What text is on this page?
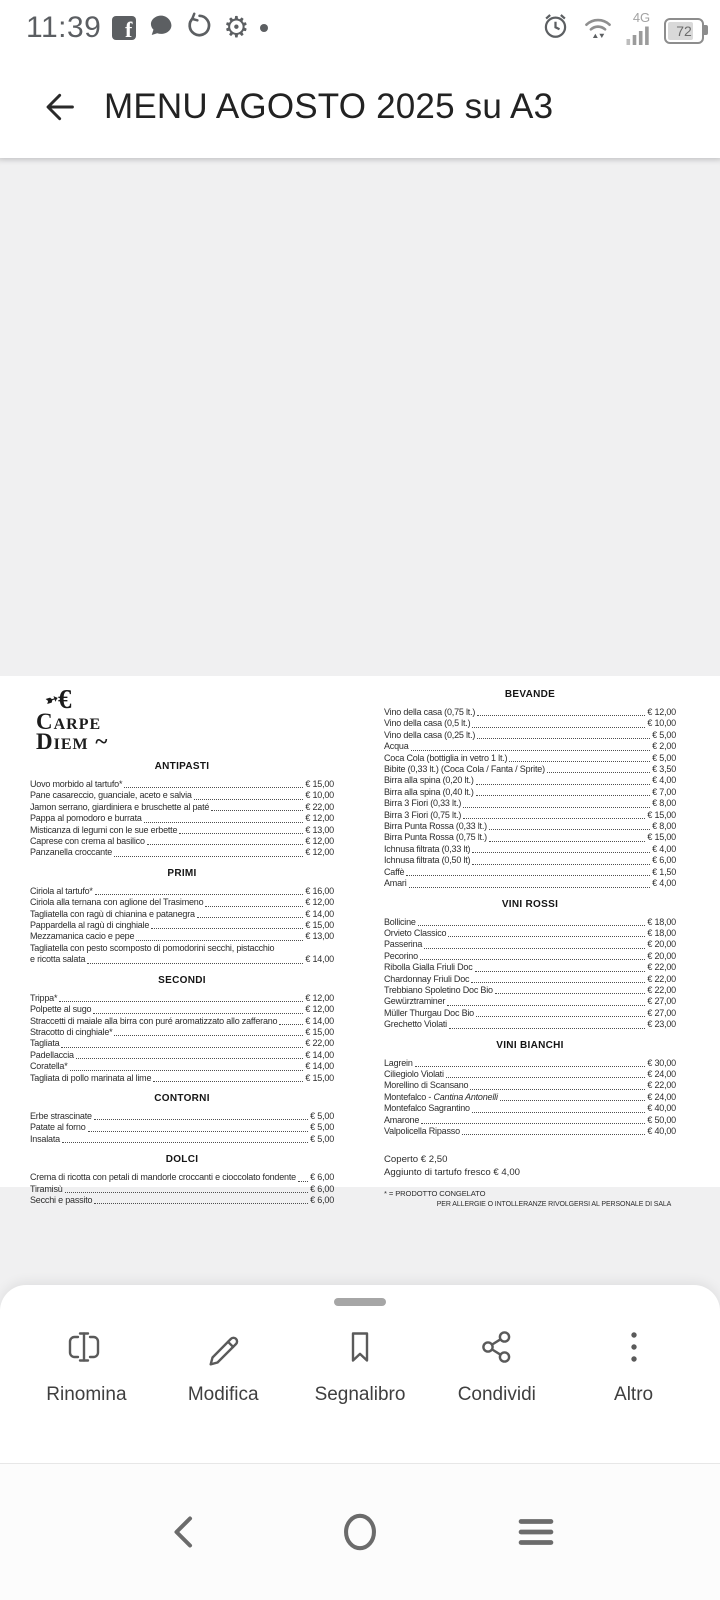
11:39 f	⚙	4G
72
MENU AGOSTO 2025 su A3
➳ €
Carpe
Diem ~
ANTIPASTI
Uovo morbido al tartufo*	€ 15,00
Pane casareccio, guanciale, aceto e salvia	€ 10,00
Jamon serrano, giardiniera e bruschette al paté	€ 22,00
Pappa al pomodoro e burrata	€ 12,00
Misticanza di legumi con le sue erbette	€ 13,00
Caprese con crema al basilico	€ 12,00
Panzanella croccante	€ 12,00
PRIMI
Ciriola al tartufo*	€ 16,00
Ciriola alla ternana con aglione del Trasimeno	€ 12,00
Tagliatella con ragù di chianina e patanegra	€ 14,00
Pappardella al ragù di cinghiale	€ 15,00
Mezzamanica cacio e pepe	€ 13,00
Tagliatella con pesto scomposto di pomodorini secchi, pistacchio
e ricotta salata	€ 14,00
SECONDI
Trippa*	€ 12,00
Polpette al sugo	€ 12,00
Straccetti di maiale alla birra con puré aromatizzato allo zafferano	€ 14,00
Stracotto di cinghiale*	€ 15,00
Tagliata	€ 22,00
Padellaccia	€ 14,00
Coratella*	€ 14,00
Tagliata di pollo marinata al lime	€ 15,00
CONTORNI
Erbe strascinate	€ 5,00
Patate al forno	€ 5,00
Insalata	€ 5,00
DOLCI
Crema di ricotta con petali di mandorle croccanti e cioccolato fondente € 6,00
Tiramisù	€ 6,00
Secchi e passito	€ 6,00
BEVANDE
Vino della casa (0,75 lt.)	€ 12,00
Vino della casa (0,5 lt.)	€ 10,00
Vino della casa (0,25 lt.)	€ 5,00
Acqua	€ 2,00
Coca Cola (bottiglia in vetro 1 lt.)	€ 5,00
Bibite (0,33 lt.) (Coca Cola / Fanta / Sprite)	€ 3,50
Birra alla spina (0,20 lt.)	€ 4,00
Birra alla spina (0,40 lt.)	€ 7,00
Birra 3 Fiori (0,33 lt.)	€ 8,00
Birra 3 Fiori (0,75 lt.)	€ 15,00
Birra Punta Rossa (0,33 lt.)	€ 8,00
Birra Punta Rossa (0,75 lt.)	€ 15,00
Ichnusa filtrata (0,33 lt)	€ 4,00
Ichnusa filtrata (0,50 lt)	€ 6,00
Caffè	€ 1,50
Amari	€ 4,00
VINI ROSSI
Bollicine	€ 18,00
Orvieto Classico	€ 18,00
Passerina	€ 20,00
Pecorino	€ 20,00
Ribolla Gialla Friuli Doc	€ 22,00
Chardonnay Friuli Doc	€ 22,00
Trebbiano Spoletino Doc Bio	€ 22,00
Gewürztraminer	€ 27,00
Müller Thurgau Doc Bio	€ 27,00
Grechetto Violati	€ 23,00
VINI BIANCHI
Lagrein	€ 30,00
Ciliegiolo Violati	€ 24,00
Morellino di Scansano	€ 22,00
Montefalco - Cantina Antonelli	€ 24,00
Montefalco Sagrantino	€ 40,00
Amarone	€ 50,00
Valpolicella Ripasso	€ 40,00
Coperto € 2,50
Aggiunto di tartufo fresco € 4,00
* = PRODOTTO CONGELATO
PER ALLERGIE O INTOLLERANZE RIVOLGERSI AL PERSONALE DI SALA
Rinomina	Modifica	Segnalibro	Condividi	Altro
